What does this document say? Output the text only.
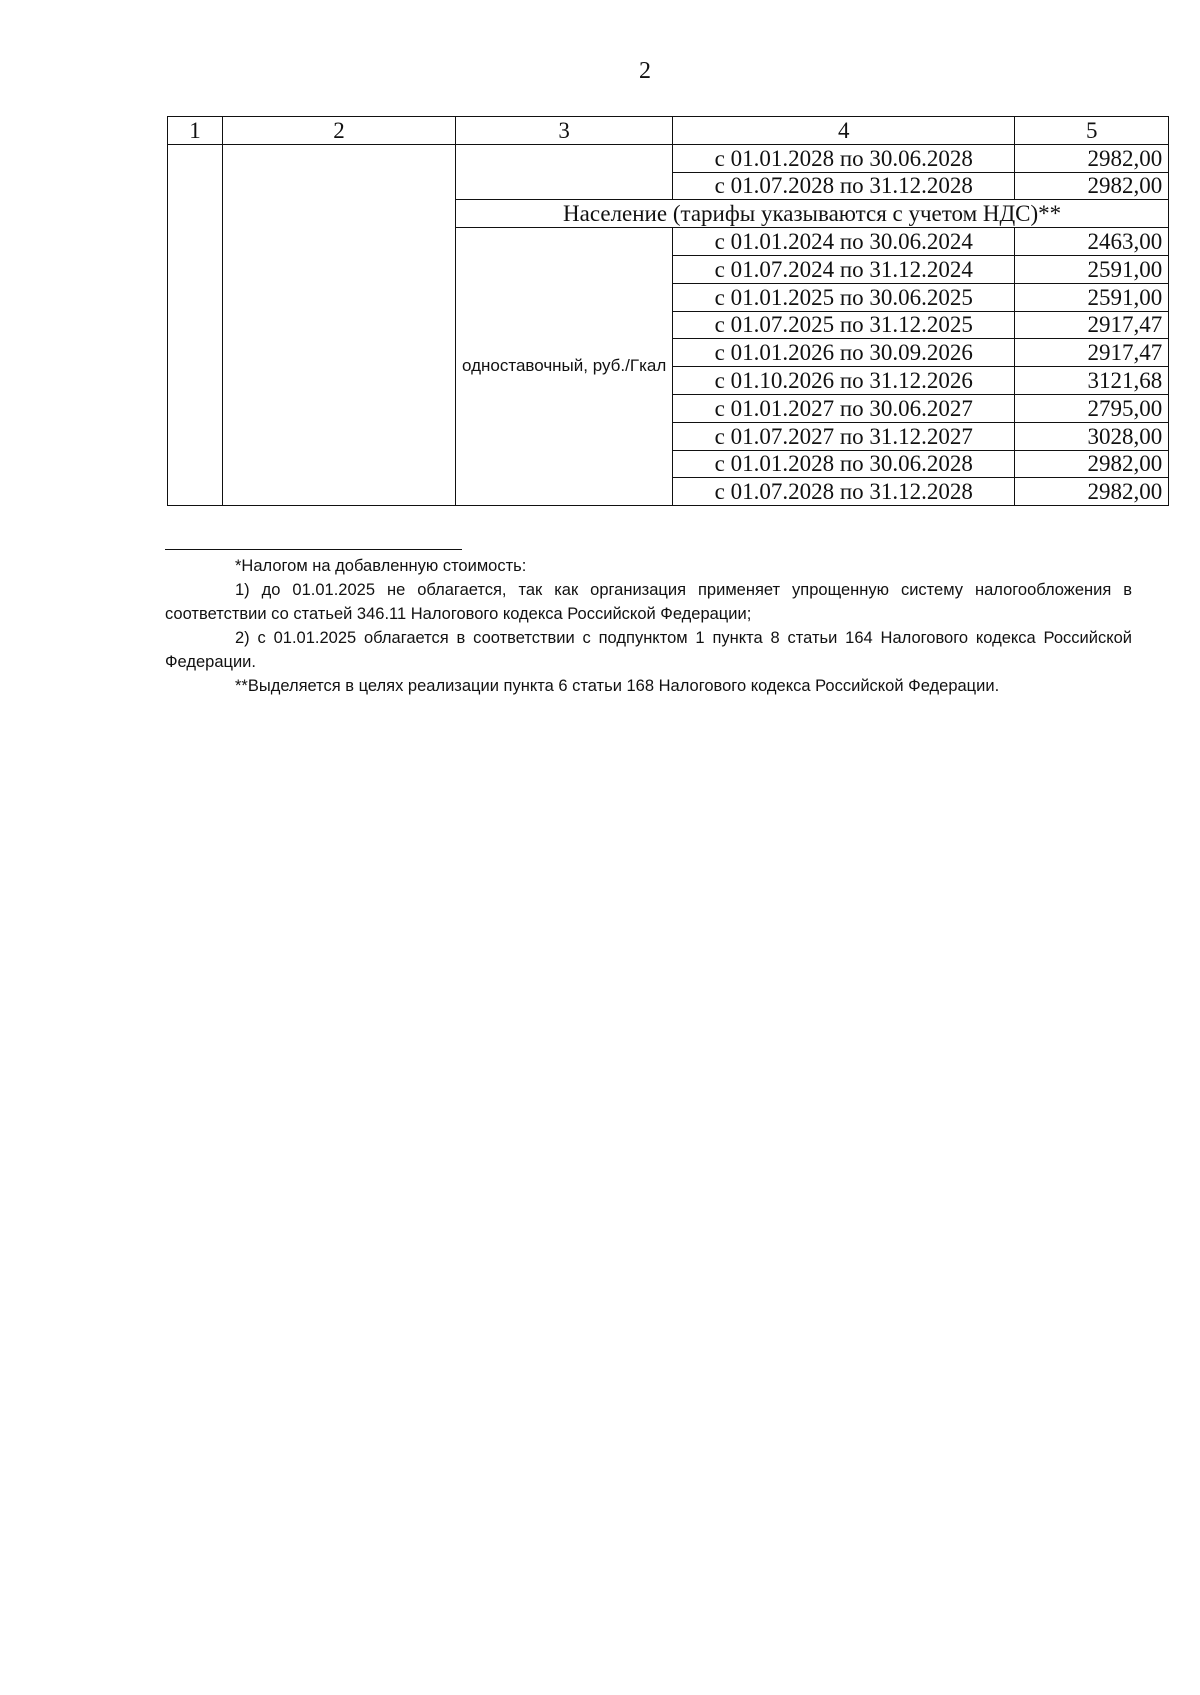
2
1	2	3	4	5
			с 01.01.2028 по 30.06.2028	2982,00
			с 01.07.2028 по 31.12.2028	2982,00
		Население (тарифы указываются с учетом НДС)**		
		одноставочный, руб./Гкал	с 01.01.2024 по 30.06.2024	2463,00
			с 01.07.2024 по 31.12.2024	2591,00
			с 01.01.2025 по 30.06.2025	2591,00
			с 01.07.2025 по 31.12.2025	2917,47
			с 01.01.2026 по 30.09.2026	2917,47
			с 01.10.2026 по 31.12.2026	3121,68
			с 01.01.2027 по 30.06.2027	2795,00
			с 01.07.2027 по 31.12.2027	3028,00
			с 01.01.2028 по 30.06.2028	2982,00
			с 01.07.2028 по 31.12.2028	2982,00

*Налогом на добавленную стоимость:

1) до 01.01.2025 не облагается, так как организация применяет упрощенную систему налогообложения в соответствии со статьей 346.11 Налогового кодекса Российской Федерации;

2) с 01.01.2025 облагается в соответствии с подпунктом 1 пункта 8 статьи 164 Налогового кодекса Российской Федерации.

**Выделяется в целях реализации пункта 6 статьи 168 Налогового кодекса Российской Федерации.
